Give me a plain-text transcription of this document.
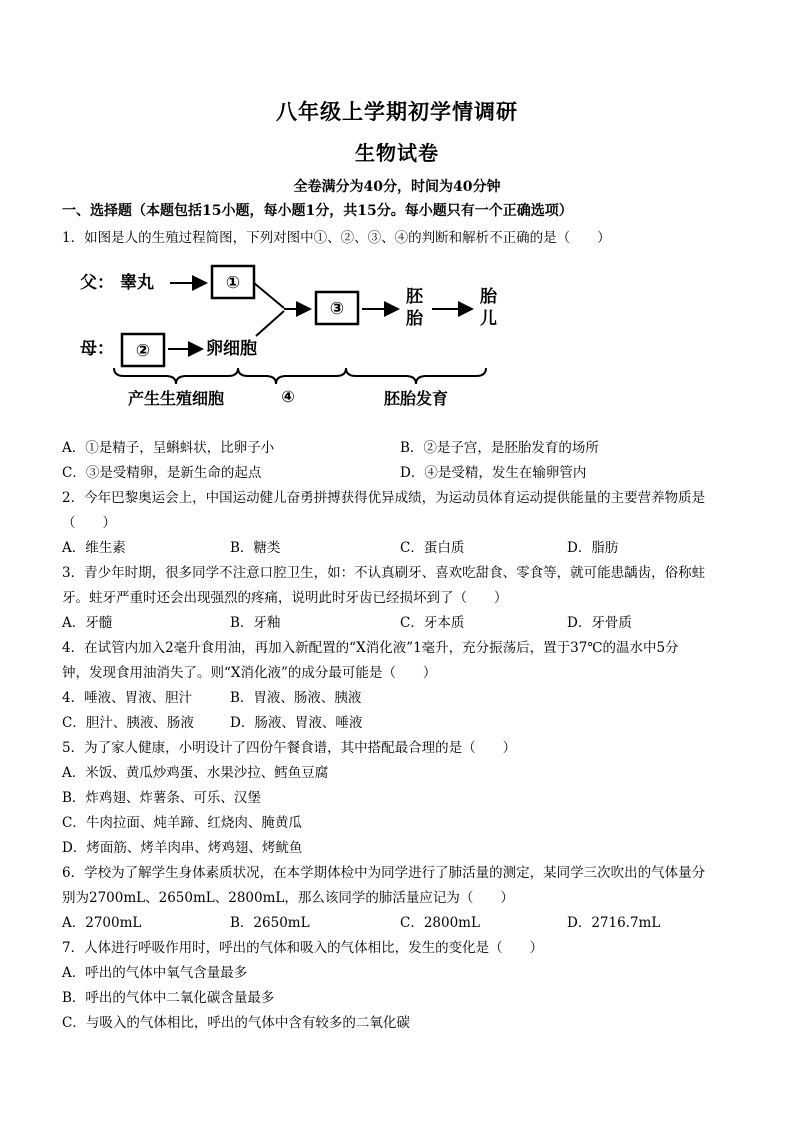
八年级上学期初学情调研
生物试卷
全卷满分为40分，时间为40分钟
一、选择题（本题包括15小题，每小题1分，共15分。每小题只有一个正确选项）
1．如图是人的生殖过程简图，下列对图中①、②、③、④的判断和解析不正确的是（　　）
父： 睾丸	①
母： ②	卵细胞
③
胚
胎
胎
儿
产生生殖细胞	④	胚胎发育
A．①是精子，呈蝌蚪状，比卵子小	B．②是子宫，是胚胎发育的场所
C．③是受精卵，是新生命的起点	D．④是受精，发生在输卵管内
2．今年巴黎奥运会上，中国运动健儿奋勇拼搏获得优异成绩，为运动员体育运动提供能量的主要营养物质是
（　　）
A．维生素	B．糖类	C．蛋白质	D．脂肪
3．青少年时期，很多同学不注意口腔卫生，如：不认真刷牙、喜欢吃甜食、零食等，就可能患龋齿，俗称蛀
牙。蛀牙严重时还会出现强烈的疼痛，说明此时牙齿已经损坏到了（　　）
A．牙髓	B．牙釉	C．牙本质	D．牙骨质
4．在试管内加入2毫升食用油，再加入新配置的“X消化液”1毫升，充分振荡后，置于37℃的温水中5分
钟，发现食用油消失了。则“X消化液”的成分最可能是（　　）
4．唾液、胃液、胆汁	B．胃液、肠液、胰液
C．胆汁、胰液、肠液	D．肠液、胃液、唾液
5．为了家人健康，小明设计了四份午餐食谱，其中搭配最合理的是（　　）
A．米饭、黄瓜炒鸡蛋、水果沙拉、鳕鱼豆腐
B．炸鸡翅、炸薯条、可乐、汉堡
C．牛肉拉面、炖羊蹄、红烧肉、腌黄瓜
D．烤面筋、烤羊肉串、烤鸡翅、烤鱿鱼
6．学校为了解学生身体素质状况，在本学期体检中为同学进行了肺活量的测定，某同学三次吹出的气体量分
别为2700mL、2650mL、2800mL，那么该同学的肺活量应记为（　　）
A．2700mL	B．2650mL	C．2800mL	D．2716.7mL
7．人体进行呼吸作用时，呼出的气体和吸入的气体相比，发生的变化是（　　）
A．呼出的气体中氧气含量最多
B．呼出的气体中二氧化碳含量最多
C．与吸入的气体相比，呼出的气体中含有较多的二氧化碳
